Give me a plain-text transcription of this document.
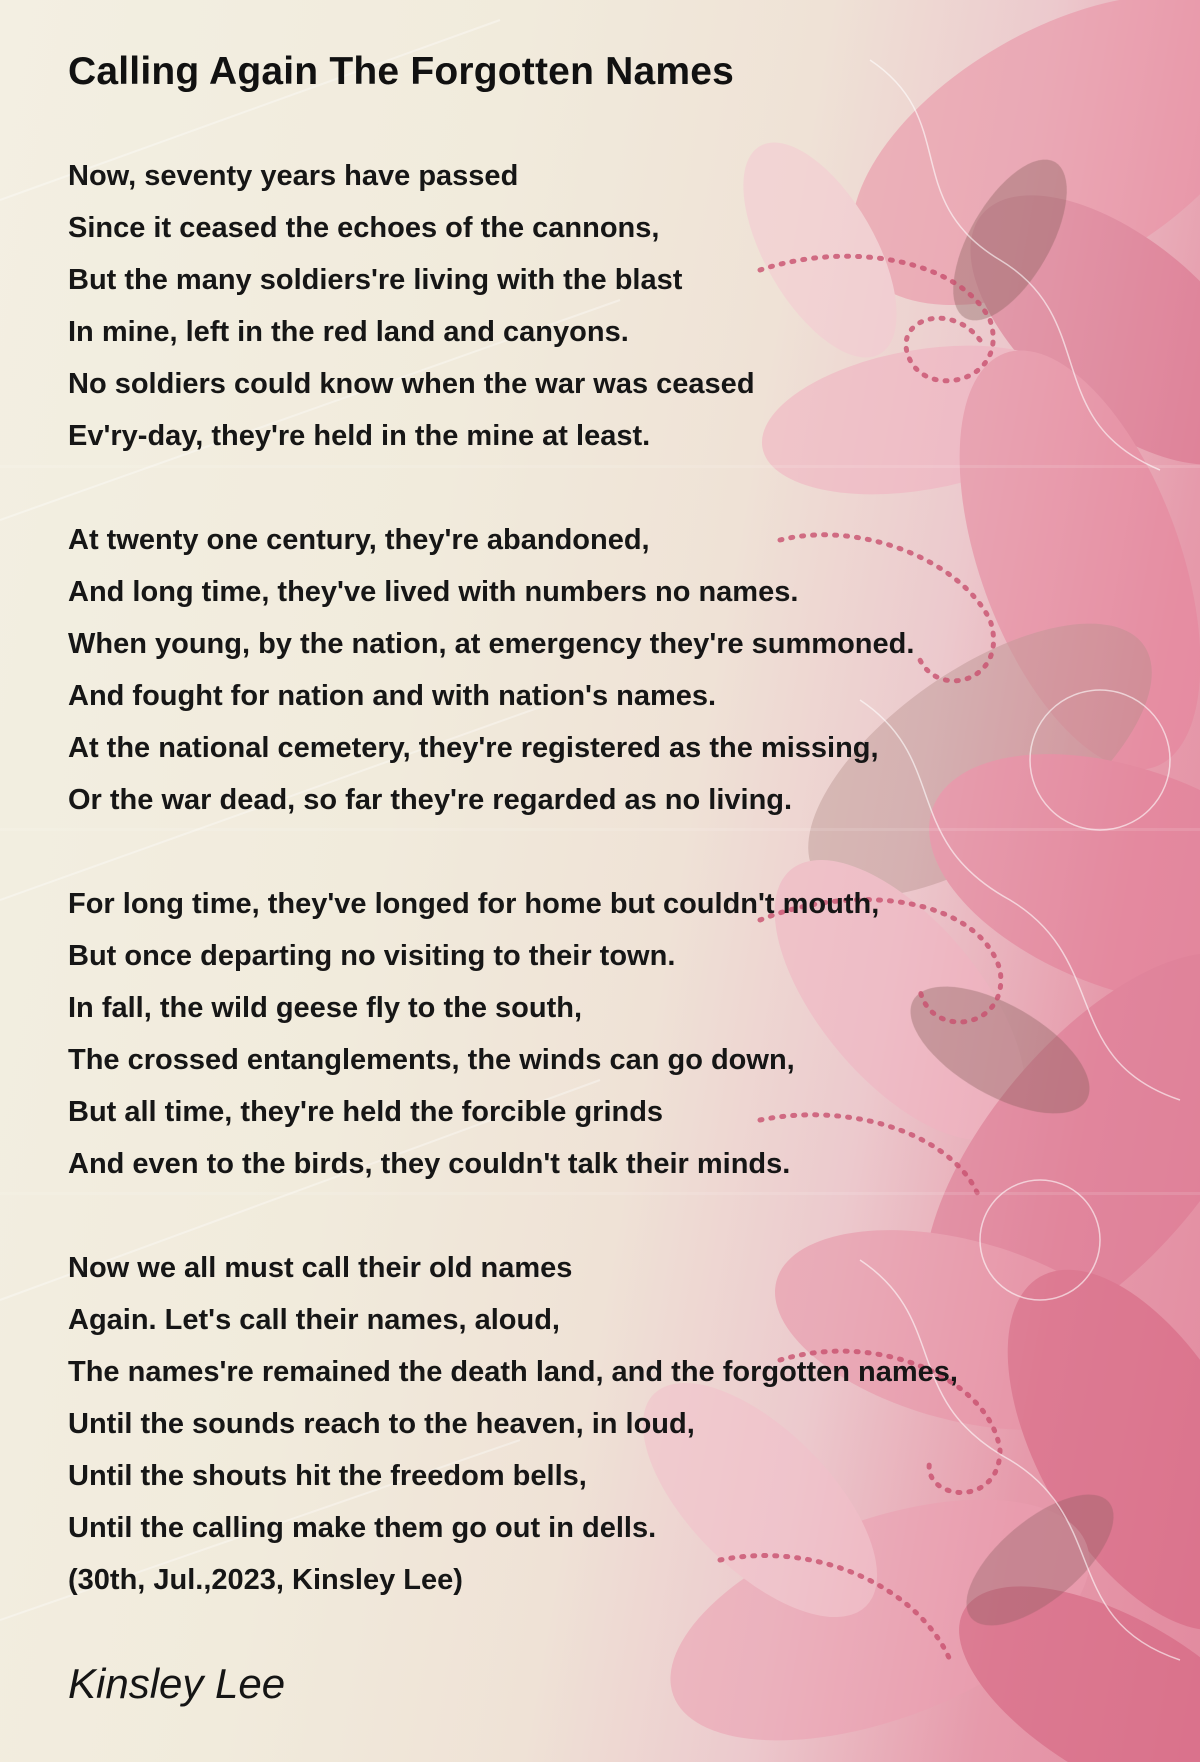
Calling Again The Forgotten Names
Now, seventy years have passed
Since it ceased the echoes of the cannons,
But the many soldiers're living with the blast
In mine, left in the red land and canyons.
No soldiers could know when the war was ceased
Ev'ry-day, they're held in the mine at least.
At twenty one century, they're abandoned,
And long time, they've lived with numbers no names.
When young, by the nation, at emergency they're summoned.
And fought for nation and with nation's names.
At the national cemetery, they're registered as the missing,
Or the war dead, so far they're regarded as no living.
For long time, they've longed for home but couldn't mouth,
But once departing no visiting to their town.
In fall, the wild geese fly to the south,
The crossed entanglements, the winds can go down,
But all time, they're held the forcible grinds
And even to the birds, they couldn't talk their minds.
Now we all must call their old names
Again. Let's call their names, aloud,
The names're remained the death land, and the forgotten names,
Until the sounds reach to the heaven, in loud,
Until the shouts hit the freedom bells,
Until the calling make them go out in dells.
(30th, Jul.,2023, Kinsley Lee)
Kinsley Lee
